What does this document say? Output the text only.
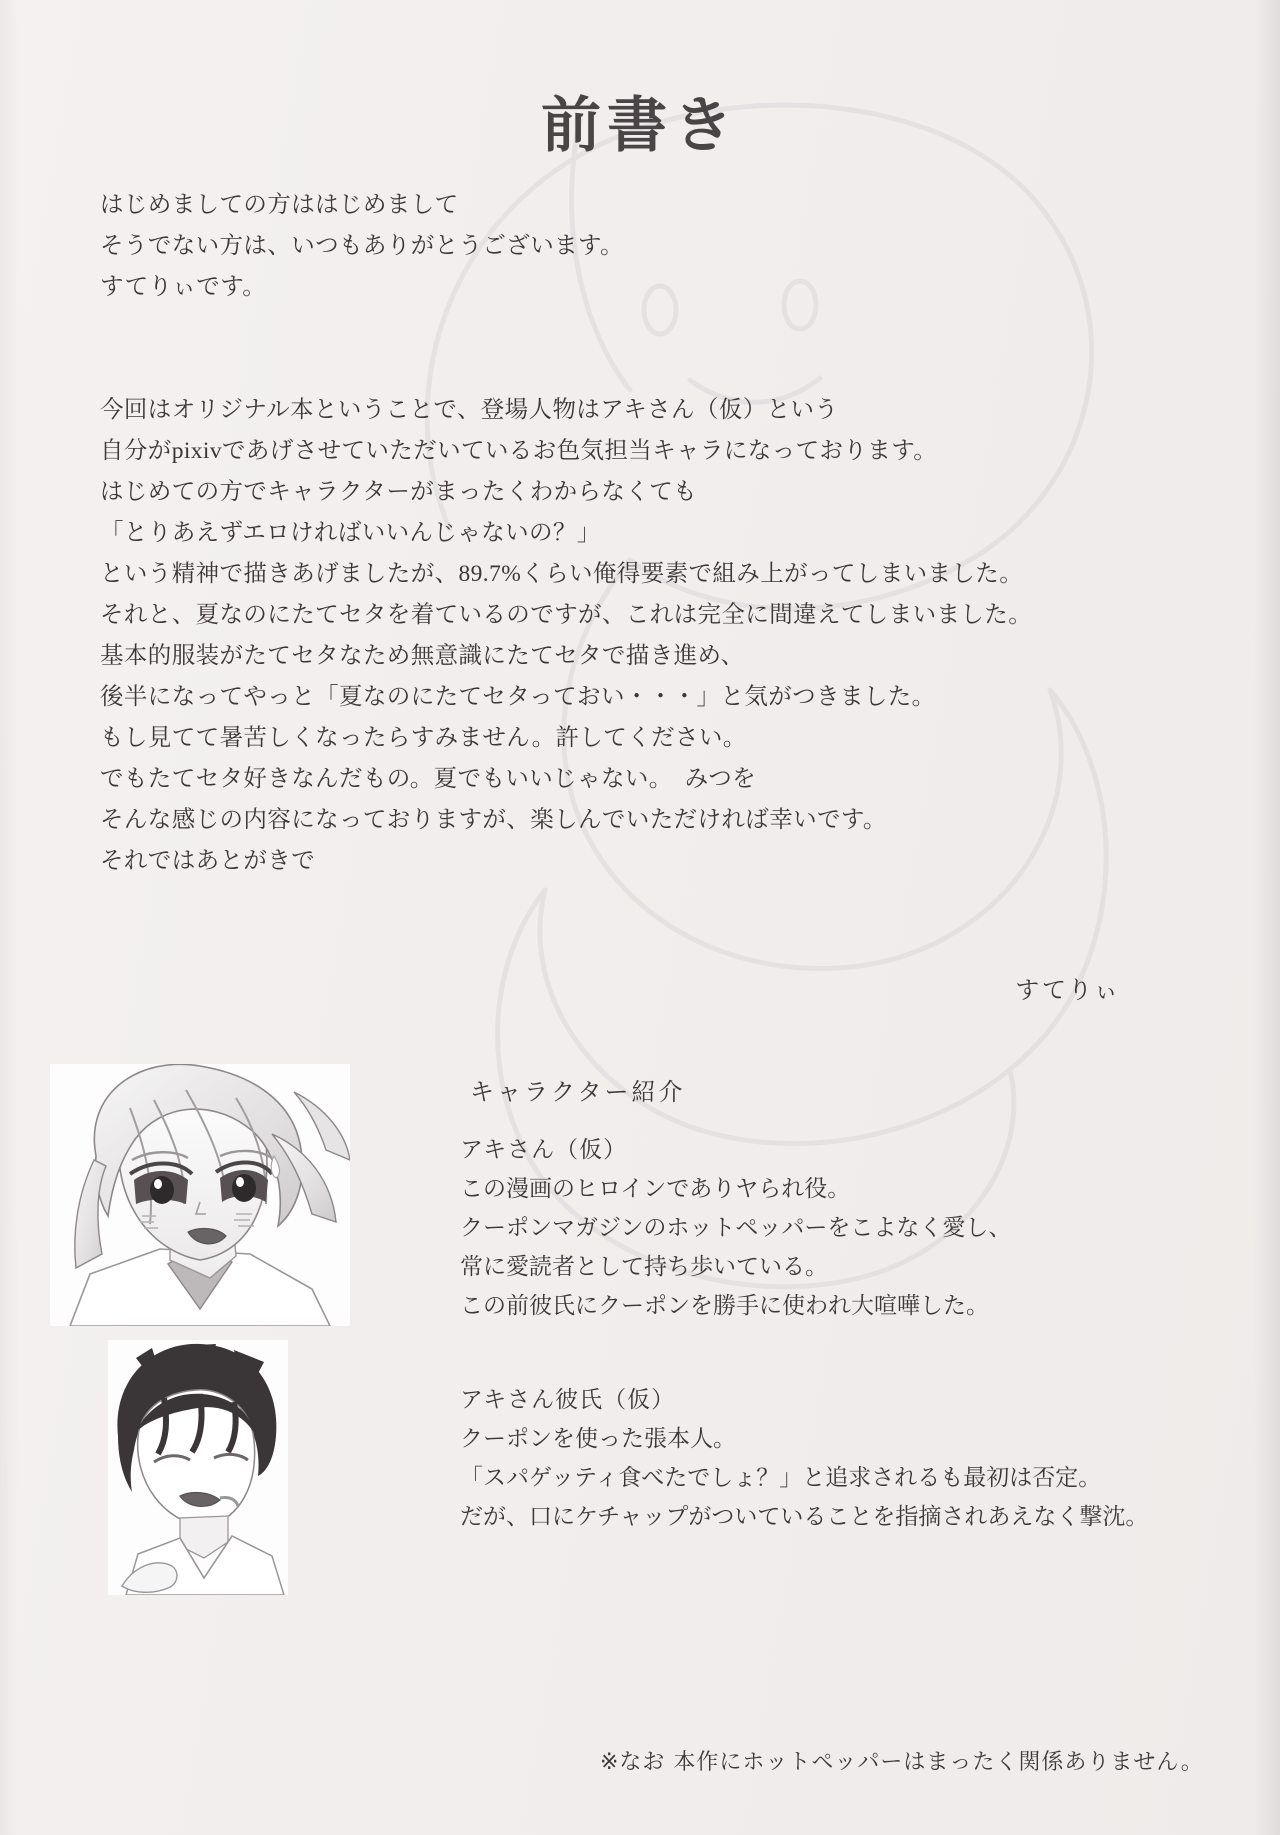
前書き

はじめましての方ははじめまして

そうでない方は、いつもありがとうございます。

すてりぃです。

今回はオリジナル本ということで、登場人物はアキさん（仮）という

自分がpixivであげさせていただいているお色気担当キャラになっております。

はじめての方でキャラクターがまったくわからなくても

「とりあえずエロければいいんじゃないの？」

という精神で描きあげましたが、89.7%くらい俺得要素で組み上がってしまいました。

それと、夏なのにたてセタを着ているのですが、これは完全に間違えてしまいました。

基本的服装がたてセタなため無意識にたてセタで描き進め、

後半になってやっと「夏なのにたてセタっておい・・・」と気がつきました。

もし見てて暑苦しくなったらすみません。許してください。

でもたてセタ好きなんだもの。夏でもいいじゃない。　みつを

そんな感じの内容になっておりますが、楽しんでいただければ幸いです。

それではあとがきで

すてりぃ
キャラクター紹介

アキさん（仮）

この漫画のヒロインでありヤられ役。

クーポンマガジンのホットペッパーをこよなく愛し、

常に愛読者として持ち歩いている。

この前彼氏にクーポンを勝手に使われ大喧嘩した。

アキさん彼氏（仮）

クーポンを使った張本人。

「スパゲッティ食べたでしょ？」と追求されるも最初は否定。

だが、口にケチャップがついていることを指摘されあえなく撃沈。

※なお 本作にホットペッパーはまったく関係ありません。
